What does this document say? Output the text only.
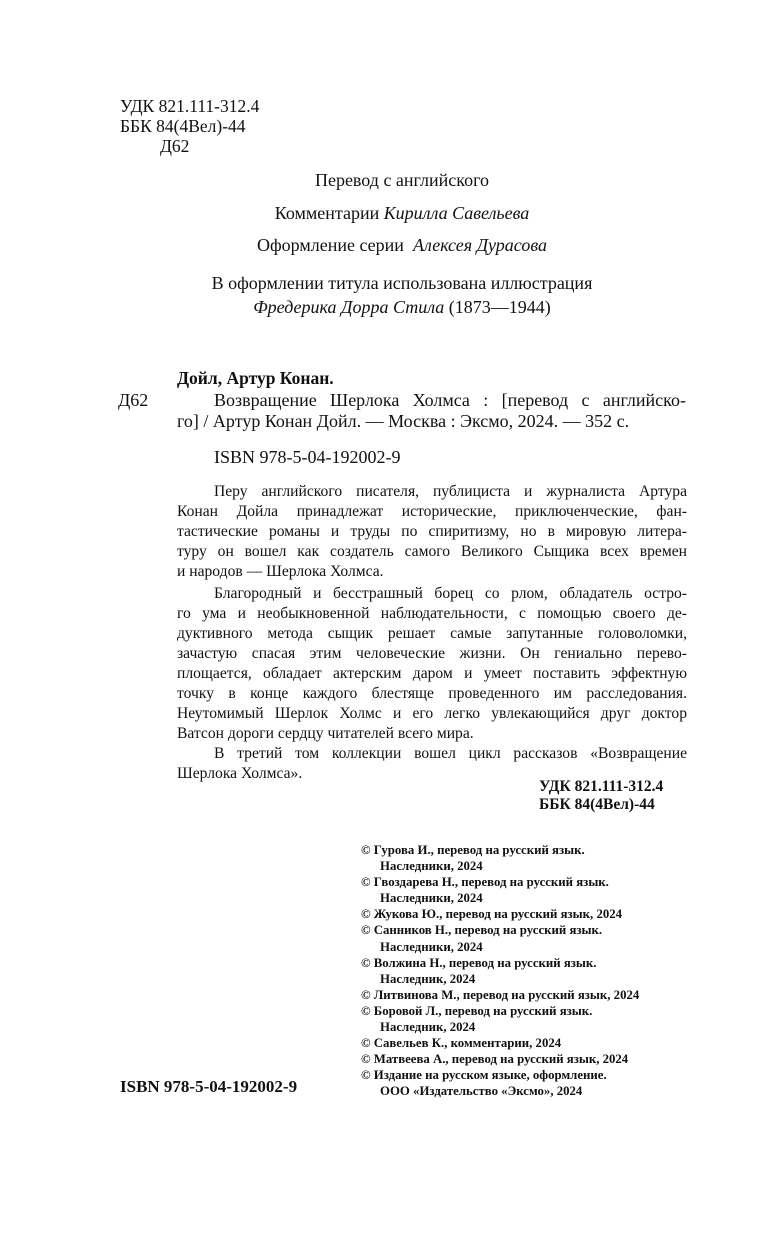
УДК 821.111-312.4
ББК 84(4Вел)-44
Д62
Перевод с английского
Комментарии Кирилла Савельева
Оформление серии Алексея Дурасова
В оформлении титула использована иллюстрация
Фредерика Дорра Стила (1873—1944)
Дойл, Артур Конан.
Д62	Возвращение Шерлока Холмса : [перевод с английско-
го] / Артур Конан Дойл. — Москва : Эксмо, 2024. — 352 с.
ISBN 978-5-04-192002-9
Перу английского писателя, публициста и журналиста Артура
Конан Дойла принадлежат исторические, приключенческие, фан-
тастические романы и труды по спиритизму, но в мировую литера-
туру он вошел как создатель самого Великого Сыщика всех времен
и народов — Шерлока Холмса.
Благородный и бесстрашный борец со рлом, обладатель остро-
го ума и необыкновенной наблюдательности, с помощью своего де-
дуктивного метода сыщик решает самые запутанные головоломки,
зачастую спасая этим человеческие жизни. Он гениально перево-
площается, обладает актерским даром и умеет поставить эффектную
точку в конце каждого блестяще проведенного им расследования.
Неутомимый Шерлок Холмс и его легко увлекающийся друг доктор
Ватсон дороги сердцу читателей всего мира.
В третий том коллекции вошел цикл рассказов «Возвращение
Шерлока Холмса».
УДК 821.111-312.4
ББК 84(4Вел)-44
© Гурова И., перевод на русский язык.
Наследники, 2024
© Гвоздарева Н., перевод на русский язык.
Наследники, 2024
© Жукова Ю., перевод на русский язык, 2024
© Санников Н., перевод на русский язык.
Наследники, 2024
© Волжина Н., перевод на русский язык.
Наследник, 2024
© Литвинова М., перевод на русский язык, 2024
© Боровой Л., перевод на русский язык.
Наследник, 2024
© Савельев К., комментарии, 2024
© Матвеева А., перевод на русский язык, 2024
© Издание на русском языке, оформление.
ООО «Издательство «Эксмо», 2024
ISBN 978-5-04-192002-9
